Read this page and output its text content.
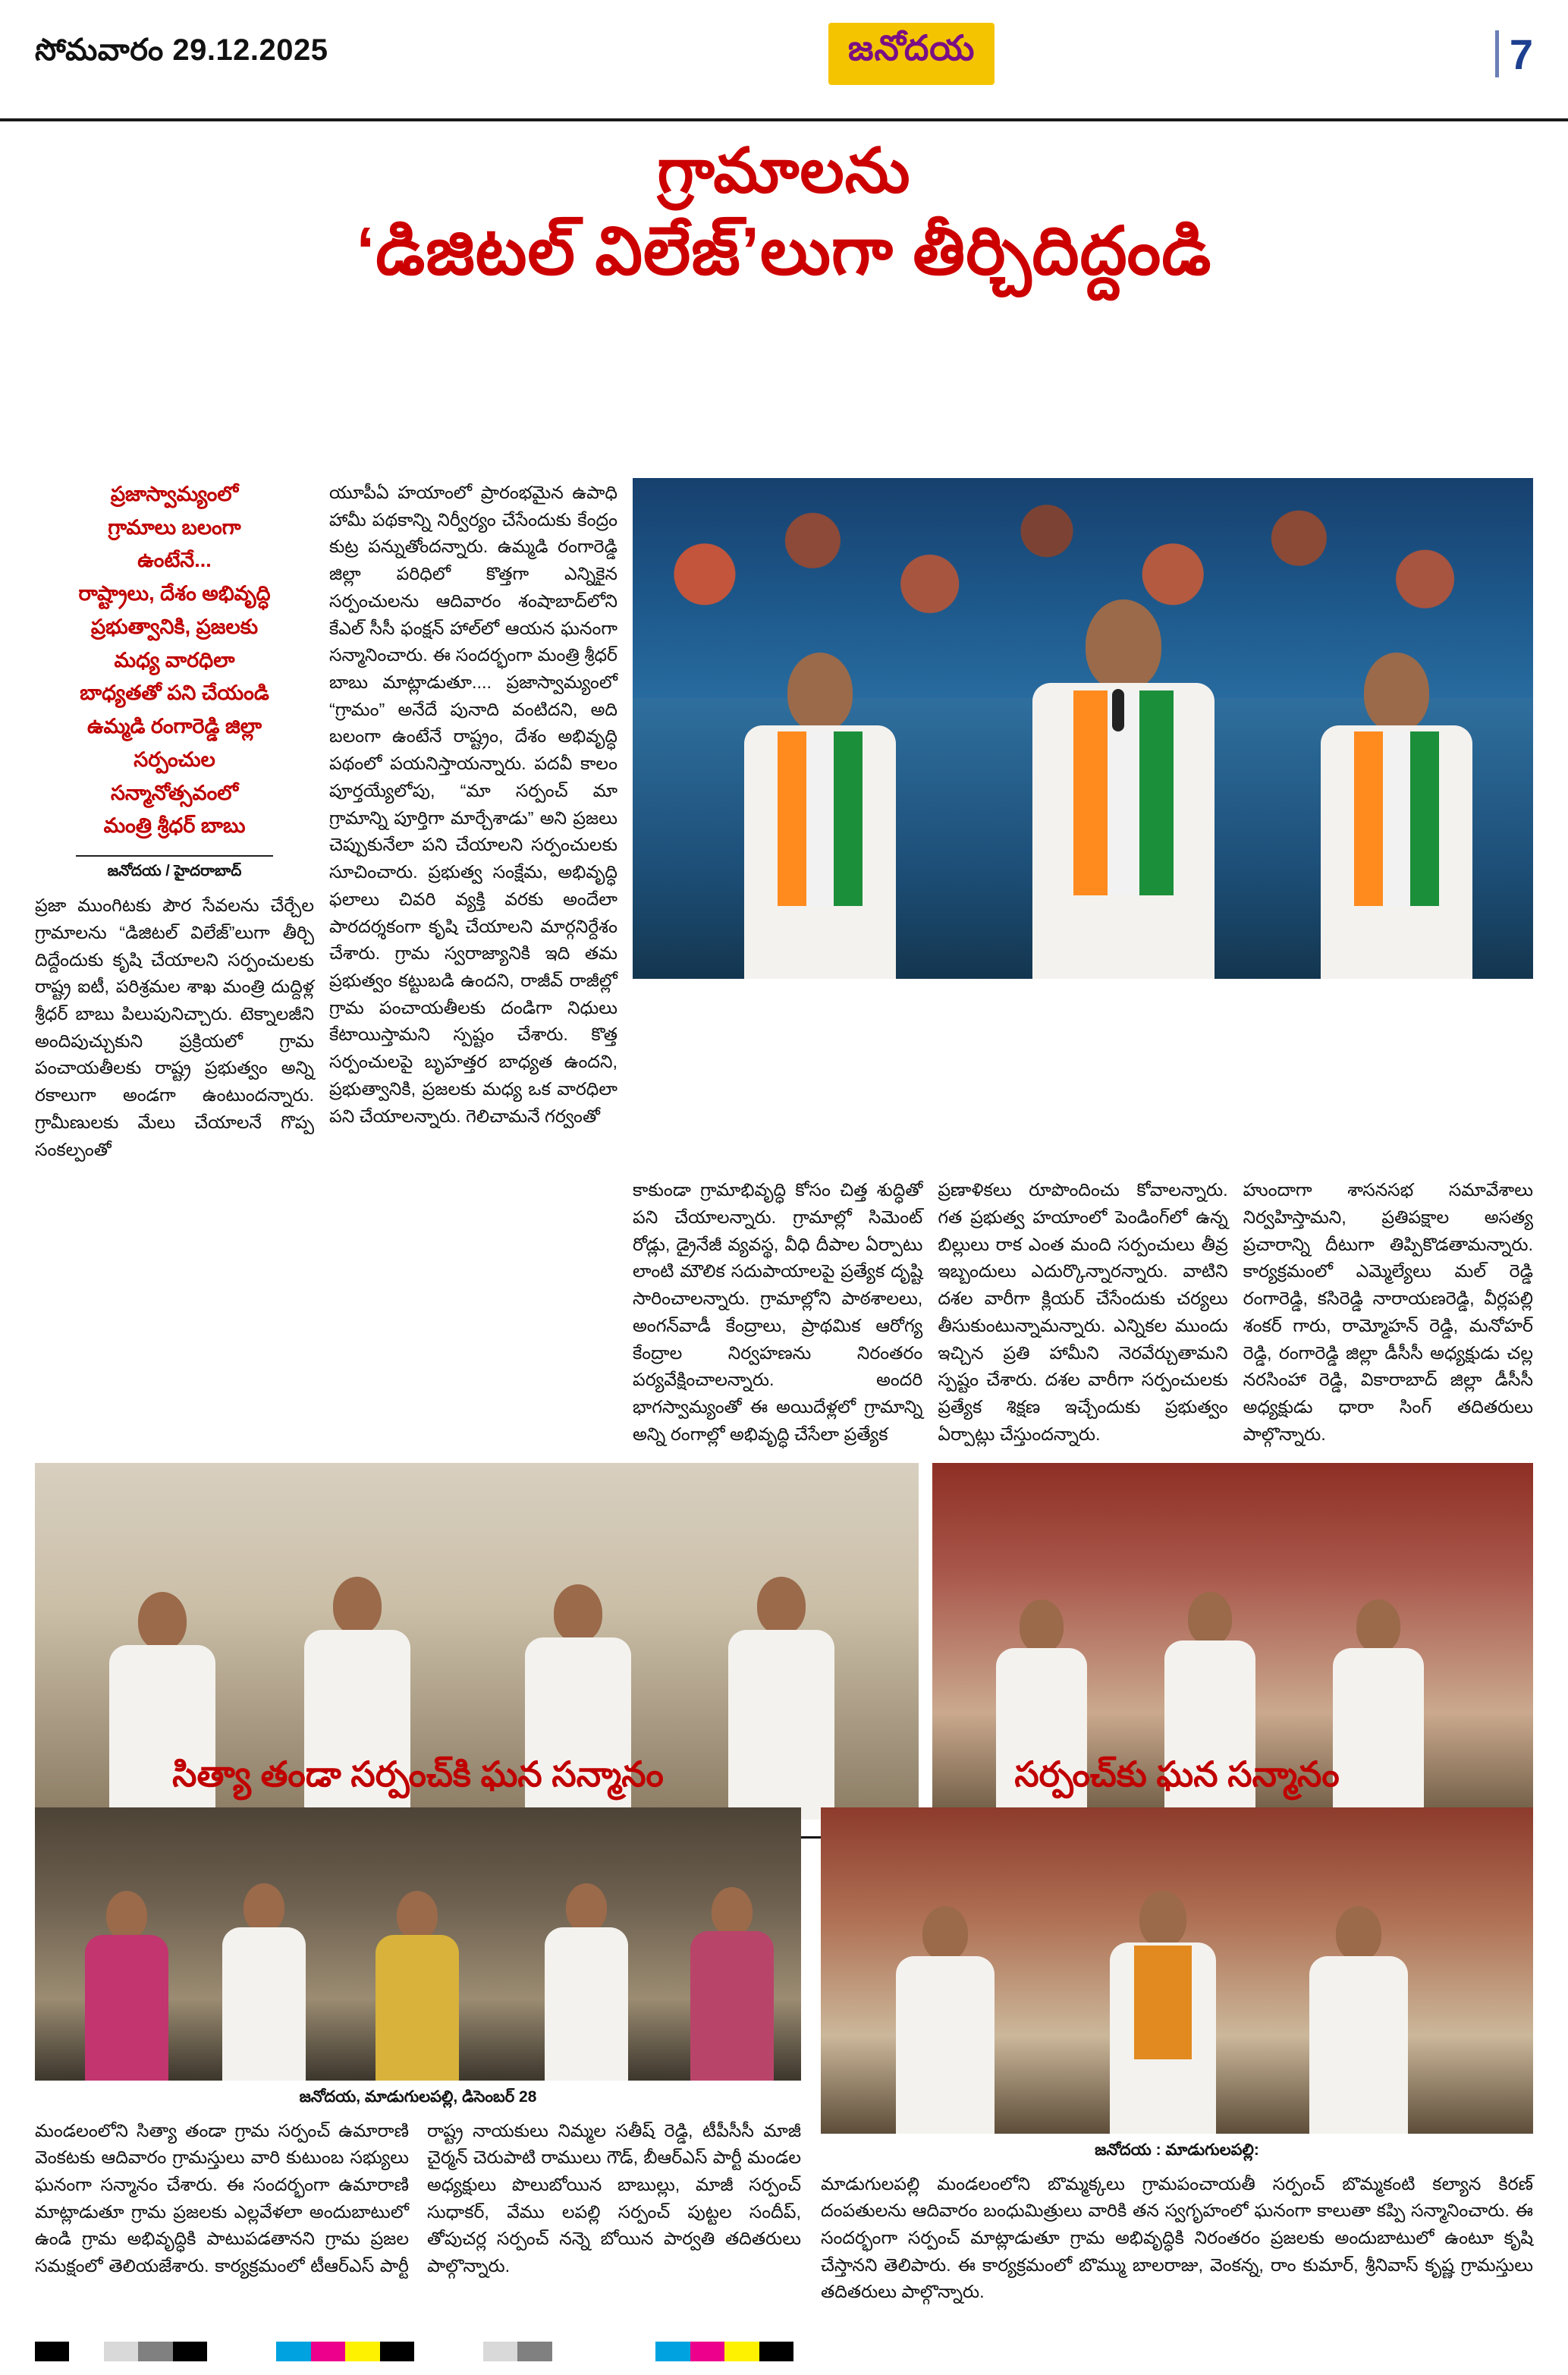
సోమవారం 29.12.2025	జనోదయ	7
గ్రామాలను
‘డిజిటల్ విలేజ్’లుగా తీర్చిదిద్దండి
ప్రజాస్వామ్యంలో
గ్రామాలు బలంగా
ఉంటేనే...
రాష్ట్రాలు, దేశం అభివృద్ధి
ప్రభుత్వానికి, ప్రజలకు
మధ్య వారధిలా
బాధ్యతతో పని చేయండి
ఉమ్మడి రంగారెడ్డి జిల్లా
సర్పంచుల
సన్మానోత్సవంలో
మంత్రి శ్రీధర్ బాబు
జనోదయ / హైదరాబాద్
ప్రజా ముంగిటకు పౌర సేవలను చేర్చేల గ్రామాలను “డిజిటల్ విలేజ్”లుగా తీర్చి దిద్దేందుకు కృషి చేయాలని సర్పంచులకు రాష్ట్ర ఐటీ, పరిశ్రమల శాఖ మంత్రి దుద్దిళ్ల శ్రీధర్ బాబు పిలుపునిచ్చారు. టెక్నాలజీని అందిపుచ్చుకుని ప్రక్రియలో గ్రామ పంచాయతీలకు రాష్ట్ర ప్రభుత్వం అన్ని రకాలుగా అండగా ఉంటుందన్నారు. గ్రామీణులకు మేలు చేయాలనే గొప్ప సంకల్పంతో
యూపీఏ హయాంలో ప్రారంభమైన ఉపాధి హామీ పథకాన్ని నిర్వీర్యం చేసేందుకు కేంద్రం కుట్ర పన్నుతోందన్నారు. ఉమ్మడి రంగారెడ్డి జిల్లా పరిధిలో కొత్తగా ఎన్నికైన సర్పంచులను ఆదివారం శంషాబాద్‌లోని కేఎల్ సీసీ ఫంక్షన్ హాల్‌లో ఆయన ఘనంగా సన్మానించారు. ఈ సందర్భంగా మంత్రి శ్రీధర్ బాబు మాట్లాడుతూ.... ప్రజాస్వామ్యంలో “గ్రామం” అనేదే పునాది వంటిదని, అది బలంగా ఉంటేనే రాష్ట్రం, దేశం అభివృద్ధి పథంలో పయనిస్తాయన్నారు. పదవీ కాలం పూర్తయ్యేలోపు, “మా సర్పంచ్ మా గ్రామాన్ని పూర్తిగా మార్చేశాడు” అని ప్రజలు చెప్పుకునేలా పని చేయాలని సర్పంచులకు సూచించారు. ప్రభుత్వ సంక్షేమ, అభివృద్ధి ఫలాలు చివరి వ్యక్తి వరకు అందేలా పారదర్శకంగా కృషి చేయాలని మార్గనిర్దేశం చేశారు. గ్రామ స్వరాజ్యానికి ఇది తమ ప్రభుత్వం కట్టుబడి ఉందని, రాజీవ్ రాజీల్లో గ్రామ పంచాయతీలకు దండిగా నిధులు కేటాయిస్తామని స్పష్టం చేశారు. కొత్త సర్పంచులపై బృహత్తర బాధ్యత ఉందని, ప్రభుత్వానికి, ప్రజలకు మధ్య ఒక వారధిలా పని చేయాలన్నారు. గెలిచామనే గర్వంతో
కాకుండా గ్రామాభివృద్ధి కోసం చిత్త శుద్ధితో పని చేయాలన్నారు. గ్రామాల్లో సిమెంట్ రోడ్లు, డ్రైనేజీ వ్యవస్థ, వీధి దీపాల ఏర్పాటు లాంటి మౌలిక సదుపాయాలపై ప్రత్యేక దృష్టి సారించాలన్నారు. గ్రామాల్లోని పాఠశాలలు, అంగన్‌వాడీ కేంద్రాలు, ప్రాథమిక ఆరోగ్య కేంద్రాల నిర్వహణను నిరంతరం పర్యవేక్షించాలన్నారు. అందరి భాగస్వామ్యంతో ఈ అయిదేళ్లలో గ్రామాన్ని అన్ని రంగాల్లో అభివృద్ధి చేసేలా ప్రత్యేక
ప్రణాళికలు రూపొందించు కోవాలన్నారు. గత ప్రభుత్వ హయాంలో పెండింగ్‌లో ఉన్న బిల్లులు రాక ఎంత మంది సర్పంచులు తీవ్ర ఇబ్బందులు ఎదుర్కొన్నారన్నారు. వాటిని దశల వారీగా క్లియర్ చేసేందుకు చర్యలు తీసుకుంటున్నామన్నారు. ఎన్నికల ముందు ఇచ్చిన ప్రతి హామీని నెరవేర్చుతామని స్పష్టం చేశారు. దశల వారీగా సర్పంచులకు ప్రత్యేక శిక్షణ ఇచ్చేందుకు ప్రభుత్వం ఏర్పాట్లు చేస్తుందన్నారు.
హుందాగా శాసనసభ సమావేశాలు నిర్వహిస్తామని, ప్రతిపక్షాల అసత్య ప్రచారాన్ని దీటుగా తిప్పికొడతామన్నారు. కార్యక్రమంలో ఎమ్మెల్యేలు మల్ రెడ్డి రంగారెడ్డి, కసిరెడ్డి నారాయణరెడ్డి, వీర్లపల్లి శంకర్ గారు, రామ్మోహన్ రెడ్డి, మనోహర్ రెడ్డి, రంగారెడ్డి జిల్లా డీసీసీ అధ్యక్షుడు చల్ల నరసింహా రెడ్డి, వికారాబాద్ జిల్లా డీసీసీ అధ్యక్షుడు ధారా సింగ్ తదితరులు పాల్గొన్నారు.
సిత్యా తండా సర్పంచ్‌కి ఘన సన్మానం
జనోదయ, మాడుగులపల్లి, డిసెంబర్ 28
మండలంలోని సిత్యా తండా గ్రామ సర్పంచ్ ఉమారాణి వెంకటకు ఆదివారం గ్రామస్తులు వారి కుటుంబ సభ్యులు ఘనంగా సన్మానం చేశారు. ఈ సందర్భంగా ఉమారాణి మాట్లాడుతూ గ్రామ ప్రజలకు ఎల్లవేళలా అందుబాటులో ఉండి గ్రామ అభివృద్ధికి పాటుపడతానని గ్రామ ప్రజల సమక్షంలో తెలియజేశారు. కార్యక్రమంలో టీఆర్ఎస్ పార్టీ రాష్ట్ర నాయకులు నిమ్మల సతీష్ రెడ్డి, టీపీసీసీ మాజీ చైర్మన్ చెరుపాటి రాములు గౌడ్, బీఆర్ఎస్ పార్టీ మండల అధ్యక్షులు పొలుబోయిన బాబుల్లు, మాజీ సర్పంచ్ సుధాకర్, వేము లపల్లి సర్పంచ్ పుట్టల సందీప్, తోపుచర్ల సర్పంచ్ నన్నె బోయిన పార్వతి తదితరులు పాల్గొన్నారు.
సర్పంచ్‌కు ఘన సన్మానం
జనోదయ : మాడుగులపల్లి:
మాడుగులపల్లి మండలంలోని బొమ్మక్కలు గ్రామపంచాయతీ సర్పంచ్ బొమ్మకంటి కల్యాన కిరణ్ దంపతులను ఆదివారం బంధుమిత్రులు వారికి తన స్వగృహంలో ఘనంగా కాలుతా కప్పి సన్మానించారు. ఈ సందర్భంగా సర్పంచ్ మాట్లాడుతూ గ్రామ అభివృద్ధికి నిరంతరం ప్రజలకు అందుబాటులో ఉంటూ కృషి చేస్తానని తెలిపారు. ఈ కార్యక్రమంలో బొమ్ము బాలరాజు, వెంకన్న, రాం కుమార్, శ్రీనివాస్ కృష్ణ గ్రామస్తులు తదితరులు పాల్గొన్నారు.
